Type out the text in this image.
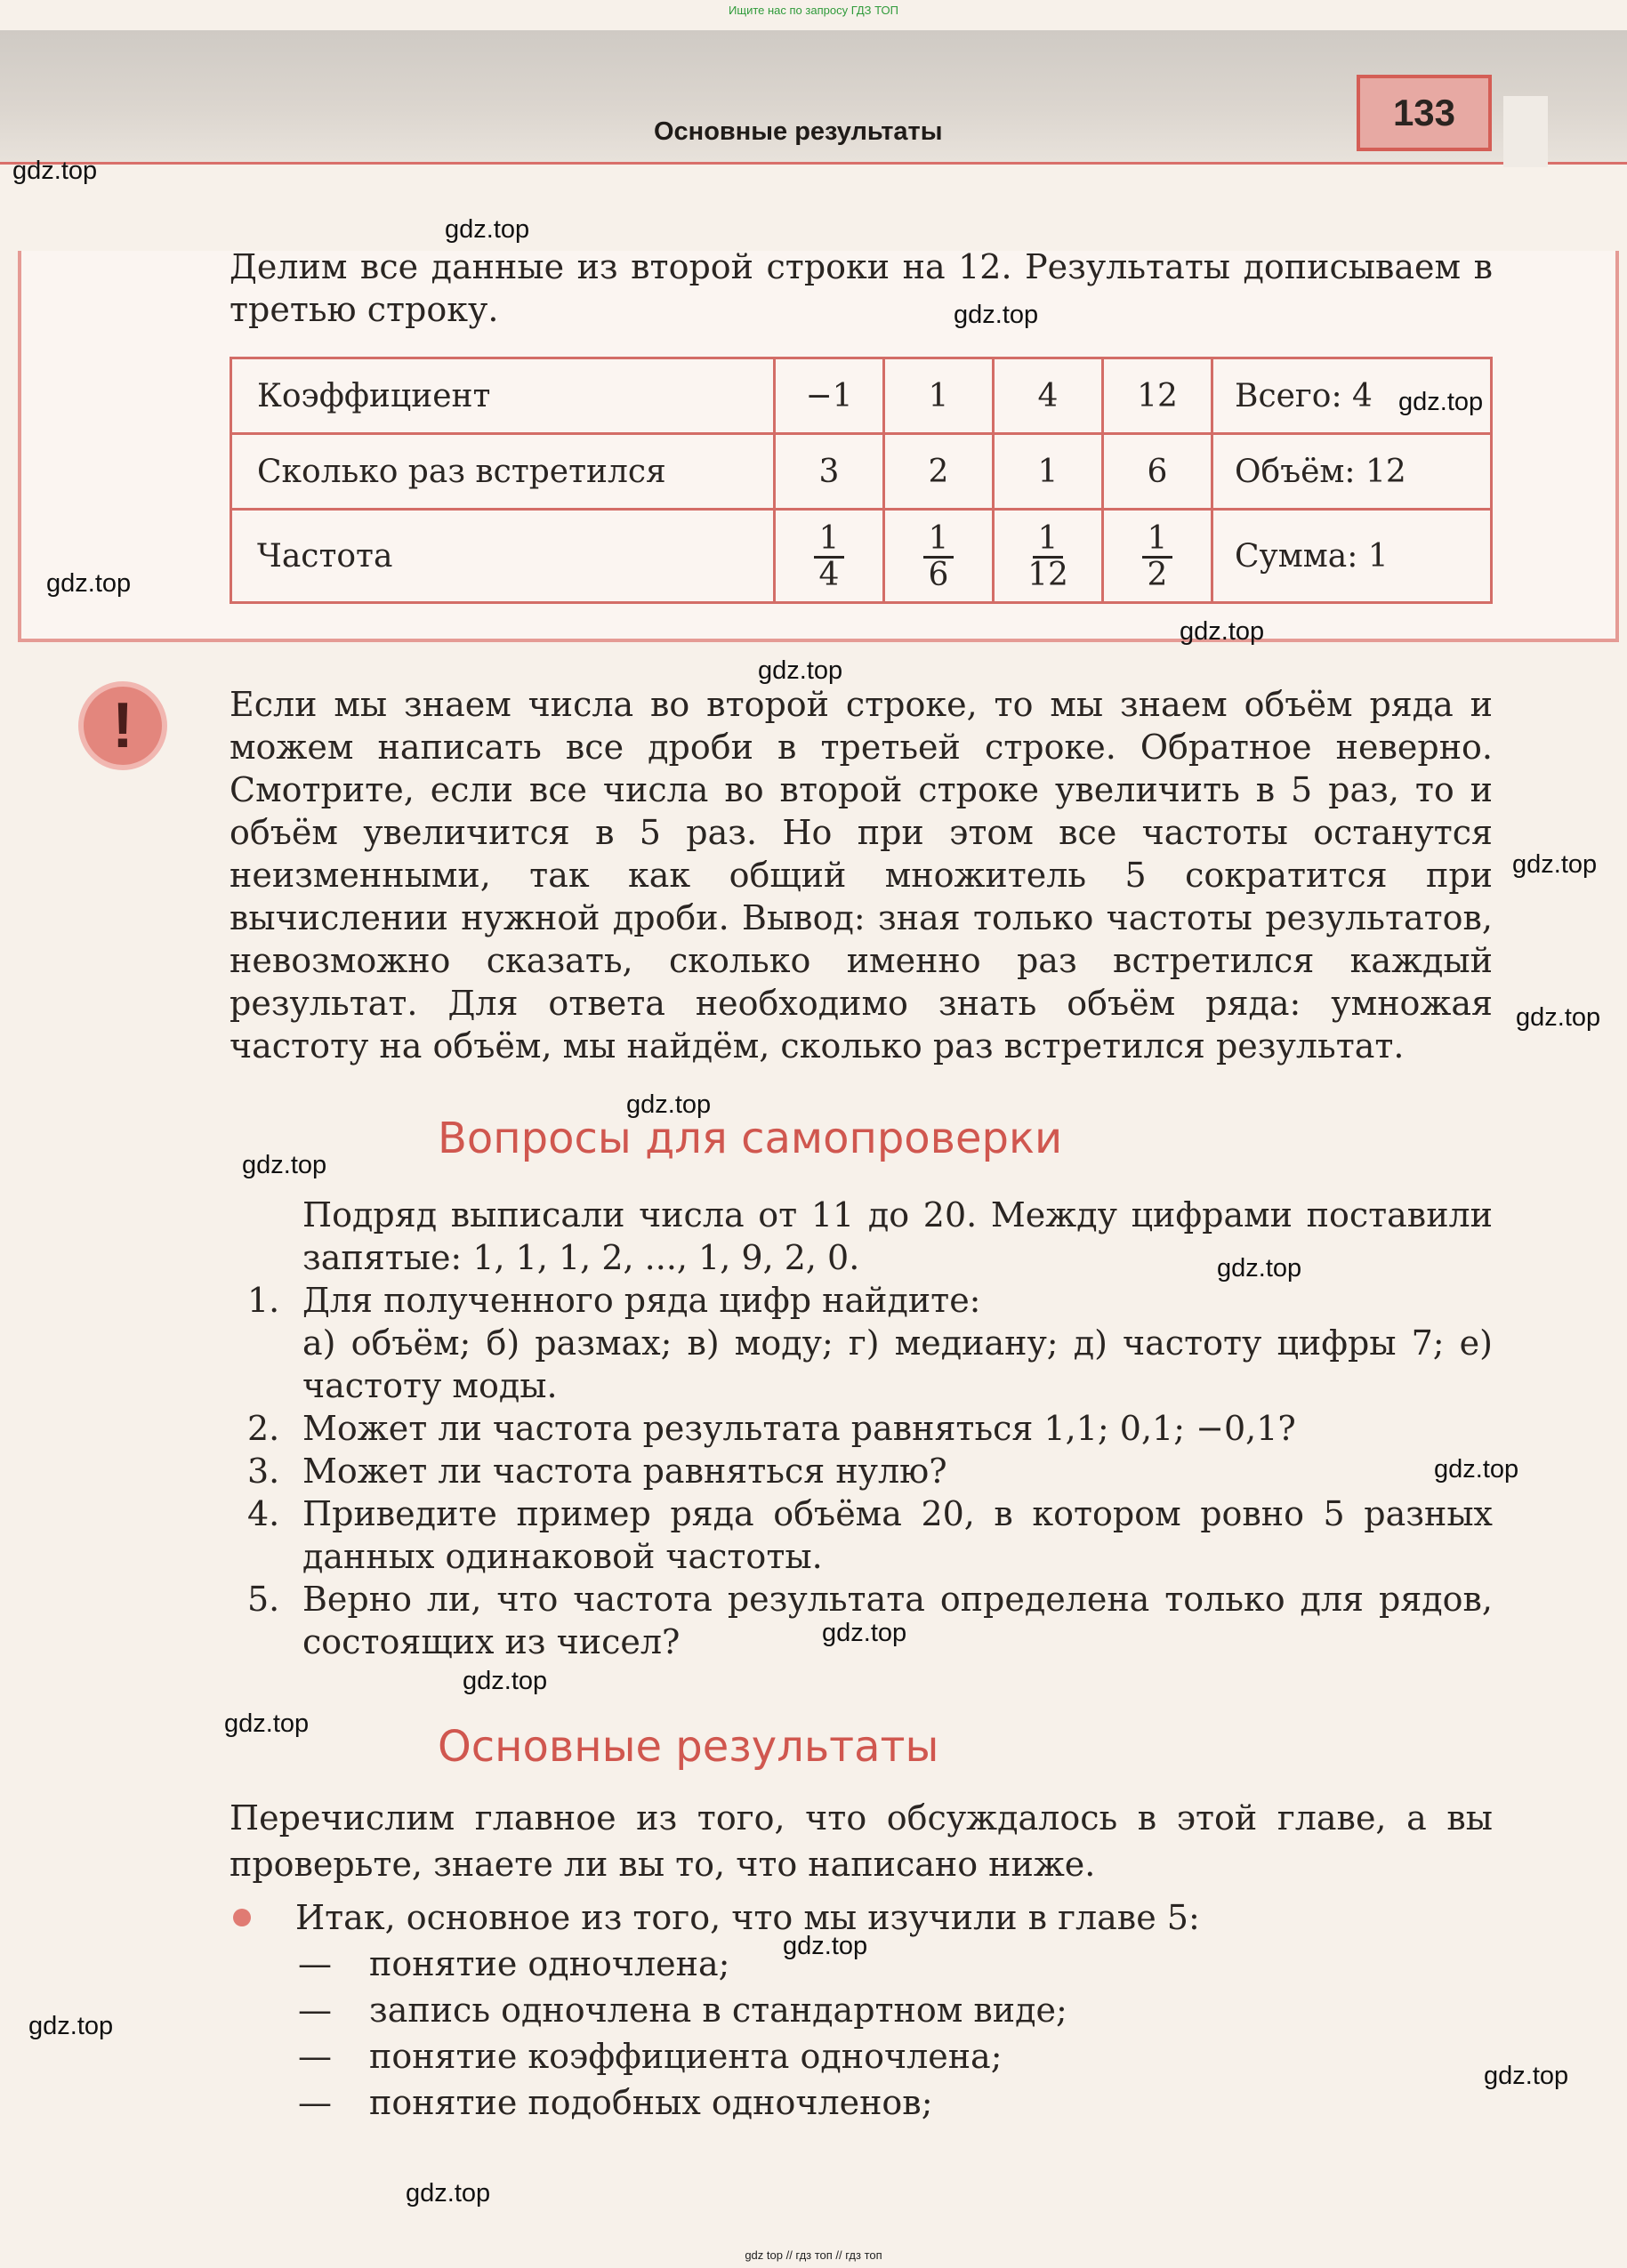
Ищите нас по запросу ГДЗ ТОП
Основные результаты	133
Делим все данные из второй строки на 12. Результаты дописываем в третью строку.
Коэффициент	−1	1	4	12	Всего: 4
Сколько раз встретился	3	2	1	6	Объём: 12
Частота	$\frac{1}{4}$	$\frac{1}{6}$	$\frac{1}{12}$	$\frac{1}{2}$	Сумма: 1
!	Если мы знаем числа во второй строке, то мы знаем объём ряда и можем написать все дроби в третьей строке. Обратное неверно. Смотрите, если все числа во второй строке увеличить в 5 раз, то и объём увеличится в 5 раз. Но при этом все частоты останутся неизменными, так как общий множитель 5 сократится при вычислении нужной дроби. Вывод: зная только частоты результатов, невозможно сказать, сколько именно раз встретился каждый результат. Для ответа необходимо знать объём ряда: умножая частоту на объём, мы найдём, сколько раз встретился результат.
Вопросы для самопроверки
Подряд выписали числа от 11 до 20. Между цифрами поставили запятые: 1, 1, 1, 2, ..., 1, 9, 2, 0.
1. Для полученного ряда цифр найдите:
а) объём; б) размах; в) моду; г) медиану; д) частоту цифры 7; е) частоту моды.
2. Может ли частота результата равняться 1,1; 0,1; −0,1?
3. Может ли частота равняться нулю?
4. Приведите пример ряда объёма 20, в котором ровно 5 разных данных одинаковой частоты.
5. Верно ли, что частота результата определена только для рядов, состоящих из чисел?
Основные результаты
Перечислим главное из того, что обсуждалось в этой главе, а вы проверьте, знаете ли вы то, что написано ниже.
Итак, основное из того, что мы изучили в главе 5:
— понятие одночлена;
— запись одночлена в стандартном виде;
— понятие коэффициента одночлена;
— понятие подобных одночленов;
gdz.top
gdz.top
gdz.top
gdz.top
gdz.top
gdz.top
gdz.top
gdz.top
gdz.top
gdz.top
gdz.top
gdz.top
gdz.top
gdz.top
gdz.top
gdz.top
gdz.top
gdz.top
gdz.top
gdz.top
gdz top // гдз топ // гдз топ
